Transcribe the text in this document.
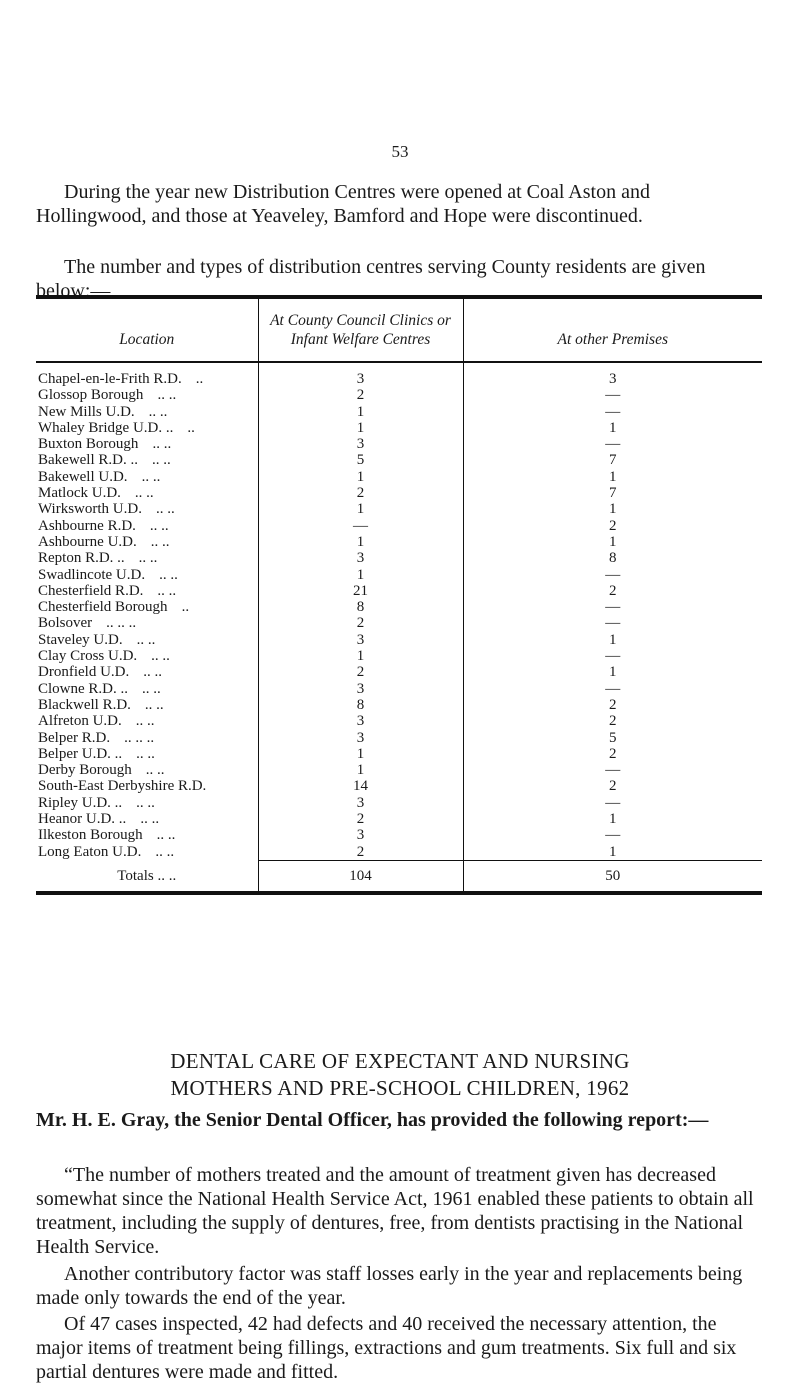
53

During the year new Distribution Centres were opened at Coal Aston and Hollingwood, and those at Yeaveley, Bamford and Hope were discontinued.

The number and types of distribution centres serving County residents are given below:—

Location	At County Council Clinics or Infant Welfare Centres	At other Premises
Chapel-en-le-Frith R.D. ..	3	3
Glossop Borough .. ..	2	—
New Mills U.D. .. ..	1	—
Whaley Bridge U.D. .. ..	1	1
Buxton Borough .. ..	3	—
Bakewell R.D. .. .. ..	5	7
Bakewell U.D. .. ..	1	1
Matlock U.D. .. ..	2	7
Wirksworth U.D. .. ..	1	1
Ashbourne R.D. .. ..	—	2
Ashbourne U.D. .. ..	1	1
Repton R.D. .. .. ..	3	8
Swadlincote U.D. .. ..	1	—
Chesterfield R.D. .. ..	21	2
Chesterfield Borough ..	8	—
Bolsover .. .. ..	2	—
Staveley U.D. .. ..	3	1
Clay Cross U.D. .. ..	1	—
Dronfield U.D. .. ..	2	1
Clowne R.D. .. .. ..	3	—
Blackwell R.D. .. ..	8	2
Alfreton U.D. .. ..	3	2
Belper R.D. .. .. ..	3	5
Belper U.D. .. .. ..	1	2
Derby Borough .. ..	1	—
South-East Derbyshire R.D.	14	2
Ripley U.D. .. .. ..	3	—
Heanor U.D. .. .. ..	2	1
Ilkeston Borough .. ..	3	—
Long Eaton U.D. .. ..	2	1
Totals .. ..	104	50
DENTAL CARE OF EXPECTANT AND NURSING
MOTHERS AND PRE-SCHOOL CHILDREN, 1962

Mr. H. E. Gray, the Senior Dental Officer, has provided the following report:—

“The number of mothers treated and the amount of treatment given has decreased somewhat since the National Health Service Act, 1961 enabled these patients to obtain all treatment, including the supply of dentures, free, from dentists practising in the National Health Service.

Another contributory factor was staff losses early in the year and replacements being made only towards the end of the year.

Of 47 cases inspected, 42 had defects and 40 received the necessary attention, the major items of treatment being fillings, extractions and gum treatments. Six full and six partial dentures were made and fitted.
